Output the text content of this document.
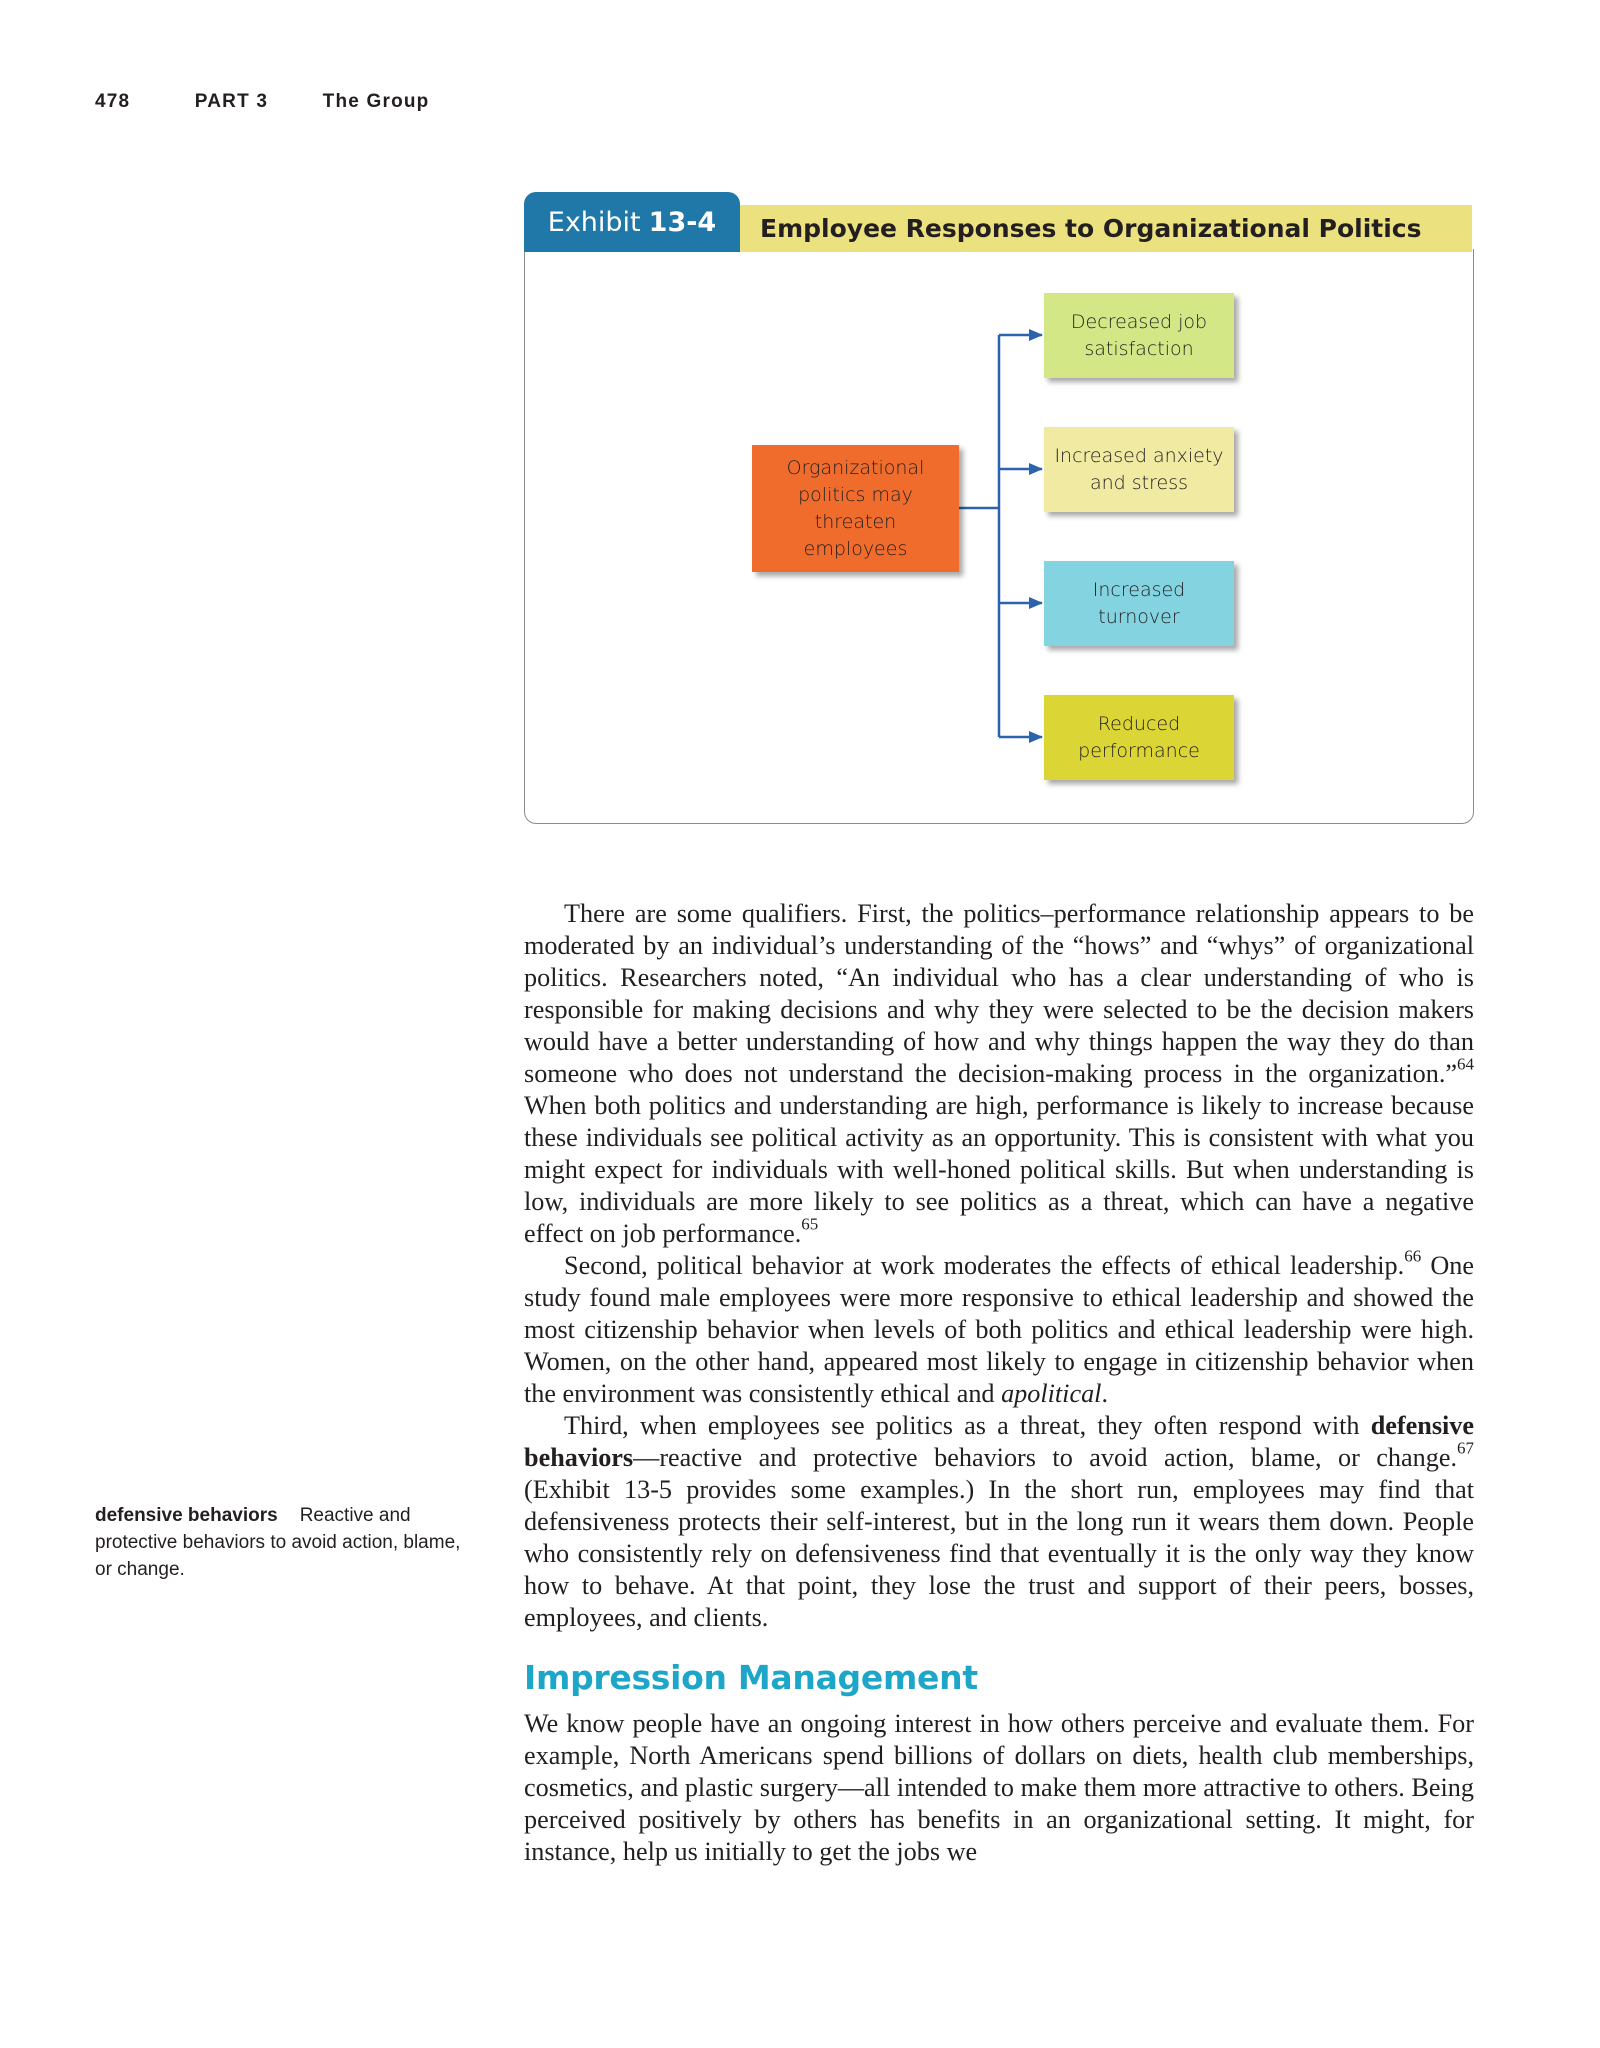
478	PART 3	The Group
Employee Responses to Organizational Politics
Exhibit 13-4
Organizational politics may threaten employees
Decreased job satisfaction
Increased anxiety and stress
Increased turnover
Reduced performance
defensive behaviors Reactive and protective behaviors to avoid action, blame, or change.

There are some qualifiers. First, the politics–performance relationship appears to be moderated by an individual’s understanding of the “hows” and “whys” of organizational politics. Researchers noted, “An individual who has a clear understanding of who is responsible for making decisions and why they were selected to be the decision makers would have a better understanding of how and why things happen the way they do than someone who does not understand the decision-making process in the organization.”$^{64}$ When both politics and understanding are high, performance is likely to increase because these individuals see political activity as an opportunity. This is consistent with what you might expect for individuals with well-honed political skills. But when understanding is low, individuals are more likely to see politics as a threat, which can have a negative effect on job performance.$^{65}$

Second, political behavior at work moderates the effects of ethical leadership.$^{66}$ One study found male employees were more responsive to ethical leadership and showed the most citizenship behavior when levels of both politics and ethical leadership were high. Women, on the other hand, appeared most likely to engage in citizenship behavior when the environment was consistently ethical and apolitical.

Third, when employees see politics as a threat, they often respond with defensive behaviors—reactive and protective behaviors to avoid action, blame, or change.$^{67}$ (Exhibit 13-5 provides some examples.) In the short run, employees may find that defensiveness protects their self-interest, but in the long run it wears them down. People who consistently rely on defensiveness find that eventually it is the only way they know how to behave. At that point, they lose the trust and support of their peers, bosses, employees, and clients.

Impression Management

We know people have an ongoing interest in how others perceive and evaluate them. For example, North Americans spend billions of dollars on diets, health club memberships, cosmetics, and plastic surgery—all intended to make them more attractive to others. Being perceived positively by others has benefits in an organizational setting. It might, for instance, help us initially to get the jobs we
